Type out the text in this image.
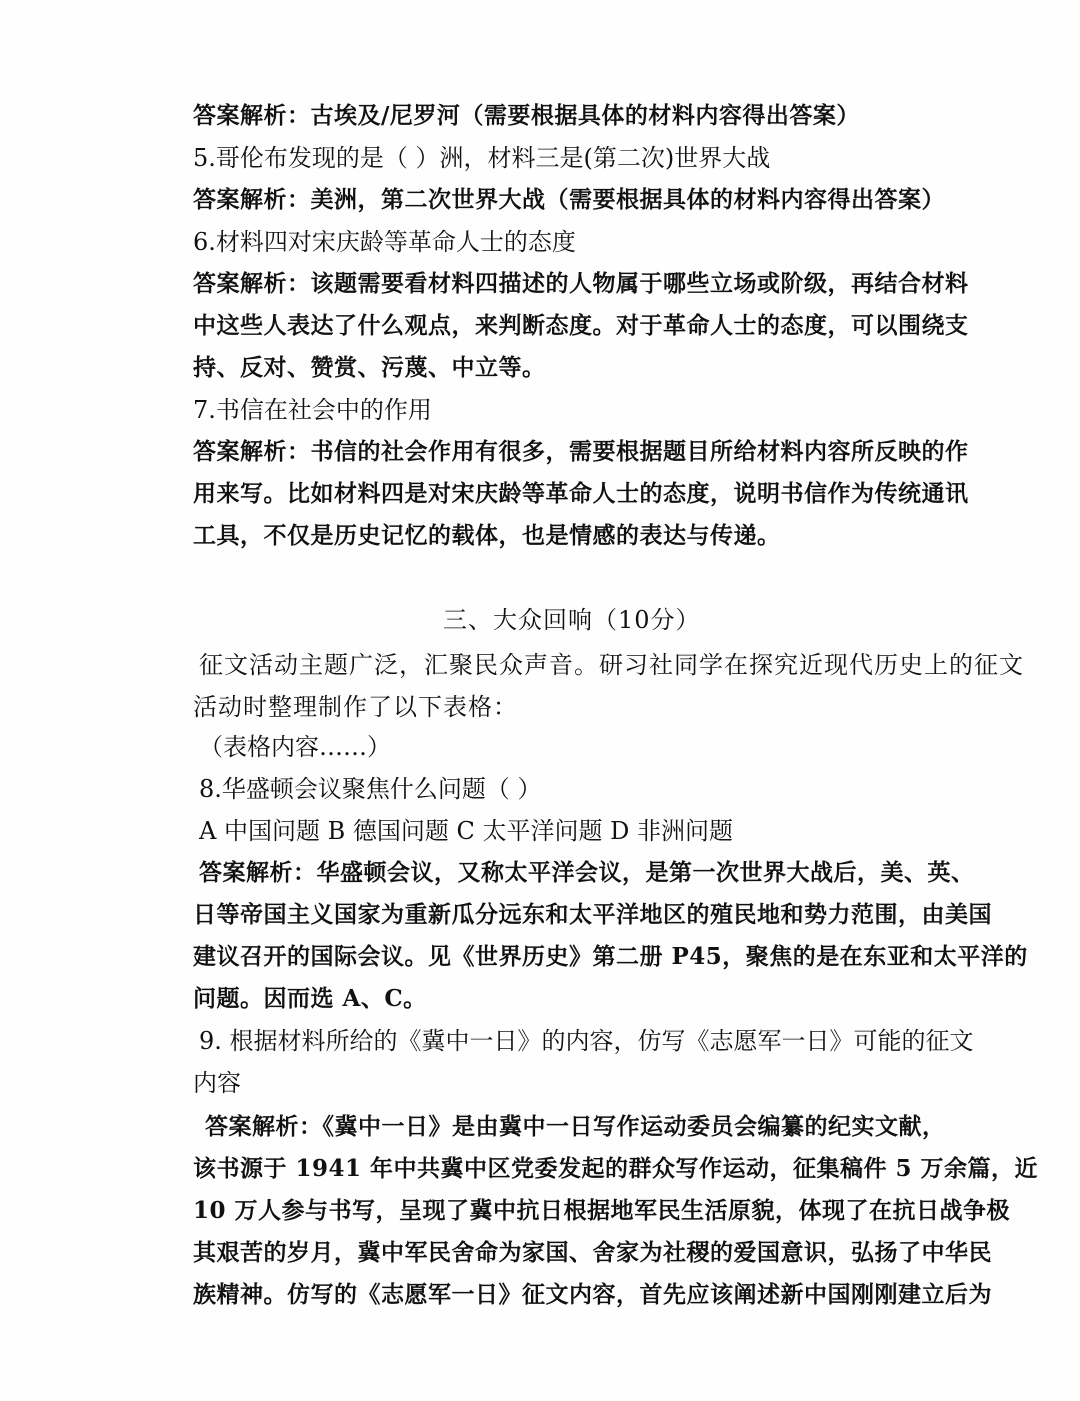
答案解析：古埃及/尼罗河（需要根据具体的材料内容得出答案）
5.哥伦布发现的是（ ）洲，材料三是(第二次)世界大战
答案解析：美洲，第二次世界大战（需要根据具体的材料内容得出答案）
6.材料四对宋庆龄等革命人士的态度
答案解析：该题需要看材料四描述的人物属于哪些立场或阶级，再结合材料
中这些人表达了什么观点，来判断态度。对于革命人士的态度，可以围绕支
持、反对、赞赏、污蔑、中立等。
7.书信在社会中的作用
答案解析：书信的社会作用有很多，需要根据题目所给材料内容所反映的作
用来写。比如材料四是对宋庆龄等革命人士的态度，说明书信作为传统通讯
工具，不仅是历史记忆的载体，也是情感的表达与传递。
三、大众回响（10分）
征文活动主题广泛，汇聚民众声音。研习社同学在探究近现代历史上的征文
活动时整理制作了以下表格：
（表格内容……）
8.华盛顿会议聚焦什么问题（ ）
A 中国问题 B 德国问题 C 太平洋问题 D 非洲问题
答案解析：华盛顿会议，又称太平洋会议，是第一次世界大战后，美、英、
日等帝国主义国家为重新瓜分远东和太平洋地区的殖民地和势力范围，由美国
建议召开的国际会议。见《世界历史》第二册 P45，聚焦的是在东亚和太平洋的
问题。因而选 A、C。
9. 根据材料所给的《冀中一日》的内容，仿写《志愿军一日》可能的征文
内容
答案解析：《冀中一日》是由冀中一日写作运动委员会编纂的纪实文献，
该书源于 1941 年中共冀中区党委发起的群众写作运动，征集稿件 5 万余篇，近
10 万人参与书写，呈现了冀中抗日根据地军民生活原貌，体现了在抗日战争极
其艰苦的岁月，冀中军民舍命为家国、舍家为社稷的爱国意识，弘扬了中华民
族精神。仿写的《志愿军一日》征文内容，首先应该阐述新中国刚刚建立后为
